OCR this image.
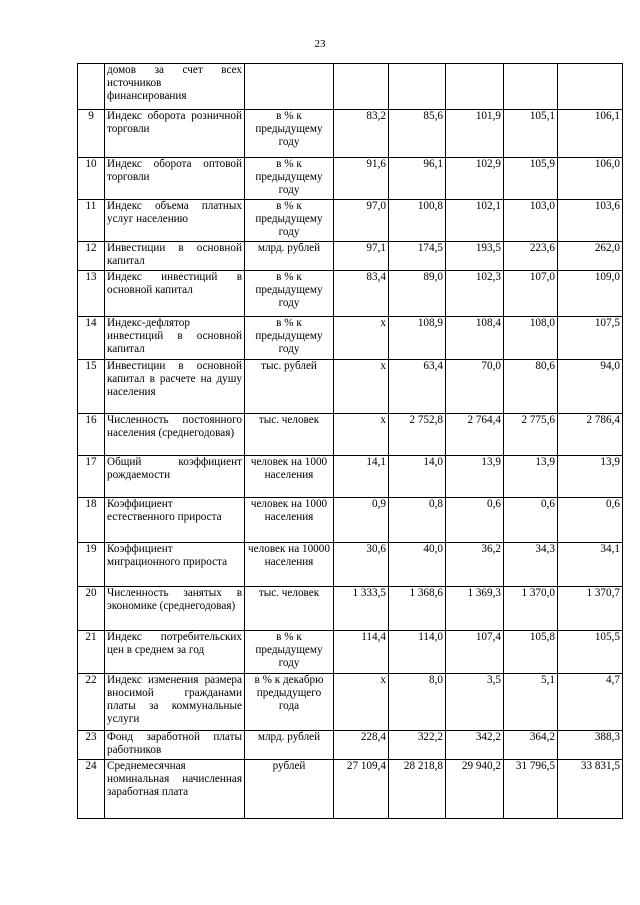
23
	домов за счет всех источников финансирования						
9	Индекс оборота розничной торговли	в % к предыдущему году	83,2	85,6	101,9	105,1	106,1
10	Индекс оборота оптовой торговли	в % к предыдущему году	91,6	96,1	102,9	105,9	106,0
11	Индекс объема платных услуг населению	в % к предыдущему году	97,0	100,8	102,1	103,0	103,6
12	Инвестиции в основной капитал	млрд. рублей	97,1	174,5	193,5	223,6	262,0
13	Индекс инвестиций в основной капитал	в % к предыдущему году	83,4	89,0	102,3	107,0	109,0
14	Индекс-дефлятор инвестиций в основной капитал	в % к предыдущему году	х	108,9	108,4	108,0	107,5
15	Инвестиции в основной капитал в расчете на душу населения	тыс. рублей	х	63,4	70,0	80,6	94,0
16	Численность постоянного населения (среднегодовая)	тыс. человек	х	2 752,8	2 764,4	2 775,6	2 786,4
17	Общий коэффициент рождаемости	человек на 1000 населения	14,1	14,0	13,9	13,9	13,9
18	Коэффициент естественного прироста	человек на 1000 населения	0,9	0,8	0,6	0,6	0,6
19	Коэффициент миграционного прироста	человек на 10000 населения	30,6	40,0	36,2	34,3	34,1
20	Численность занятых в экономике (среднегодовая)	тыс. человек	1 333,5	1 368,6	1 369,3	1 370,0	1 370,7
21	Индекс потребительских цен в среднем за год	в % к предыдущему году	114,4	114,0	107,4	105,8	105,5
22	Индекс изменения размера вносимой гражданами платы за коммунальные услуги	в % к декабрю предыдущего года	х	8,0	3,5	5,1	4,7
23	Фонд заработной платы работников	млрд. рублей	228,4	322,2	342,2	364,2	388,3
24	Среднемесячная номинальная начисленная заработная плата	рублей	27 109,4	28 218,8	29 940,2	31 796,5	33 831,5
